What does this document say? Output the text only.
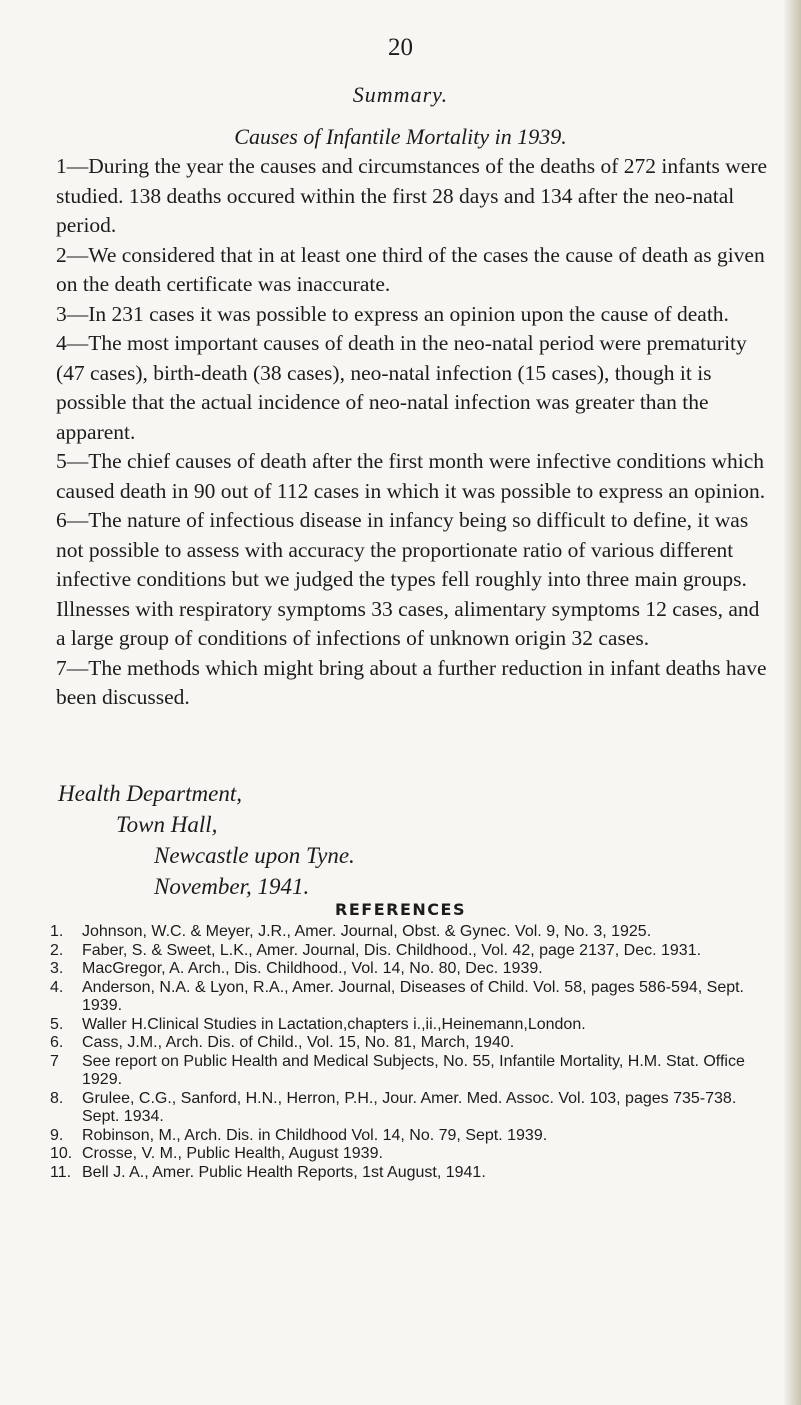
20
Summary.
Causes of Infantile Mortality in 1939.

1—During the year the causes and circumstances of the deaths of 272 infants were studied. 138 deaths occured within the first 28 days and 134 after the neo-natal period.

2—We considered that in at least one third of the cases the cause of death as given on the death certificate was inaccurate.

3—In 231 cases it was possible to express an opinion upon the cause of death.

4—The most important causes of death in the neo-natal period were prematurity (47 cases), birth-death (38 cases), neo-natal infection (15 cases), though it is possible that the actual incidence of neo-natal infection was greater than the apparent.

5—The chief causes of death after the first month were infective conditions which caused death in 90 out of 112 cases in which it was possible to express an opinion.

6—The nature of infectious disease in infancy being so difficult to define, it was not possible to assess with accuracy the proportionate ratio of various different infective conditions but we judged the types fell roughly into three main groups. Illnesses with respiratory symptoms 33 cases, alimentary symptoms 12 cases, and a large group of conditions of infections of unknown origin 32 cases.

7—The methods which might bring about a further reduction in infant deaths have been discussed.

Health Department,
Town Hall,
Newcastle upon Tyne.
November, 1941.
REFERENCES
1.	Johnson, W.C. & Meyer, J.R., Amer. Journal, Obst. & Gynec. Vol. 9, No. 3, 1925.
2.	Faber, S. & Sweet, L.K., Amer. Journal, Dis. Childhood., Vol. 42, page 2137, Dec. 1931.
3.	MacGregor, A. Arch., Dis. Childhood., Vol. 14, No. 80, Dec. 1939.
4.	Anderson, N.A. & Lyon, R.A., Amer. Journal, Diseases of Child. Vol. 58, pages 586-594, Sept. 1939.
5.	Waller H.Clinical Studies in Lactation,chapters i.,ii.,Heinemann,London.
6.	Cass, J.M., Arch. Dis. of Child., Vol. 15, No. 81, March, 1940.
7	See report on Public Health and Medical Subjects, No. 55, Infantile Mortality, H.M. Stat. Office 1929.
8.	Grulee, C.G., Sanford, H.N., Herron, P.H., Jour. Amer. Med. Assoc. Vol. 103, pages 735-738. Sept. 1934.
9.	Robinson, M., Arch. Dis. in Childhood Vol. 14, No. 79, Sept. 1939.
10. Crosse, V. M., Public Health, August 1939.
11. Bell J. A., Amer. Public Health Reports, 1st August, 1941.
